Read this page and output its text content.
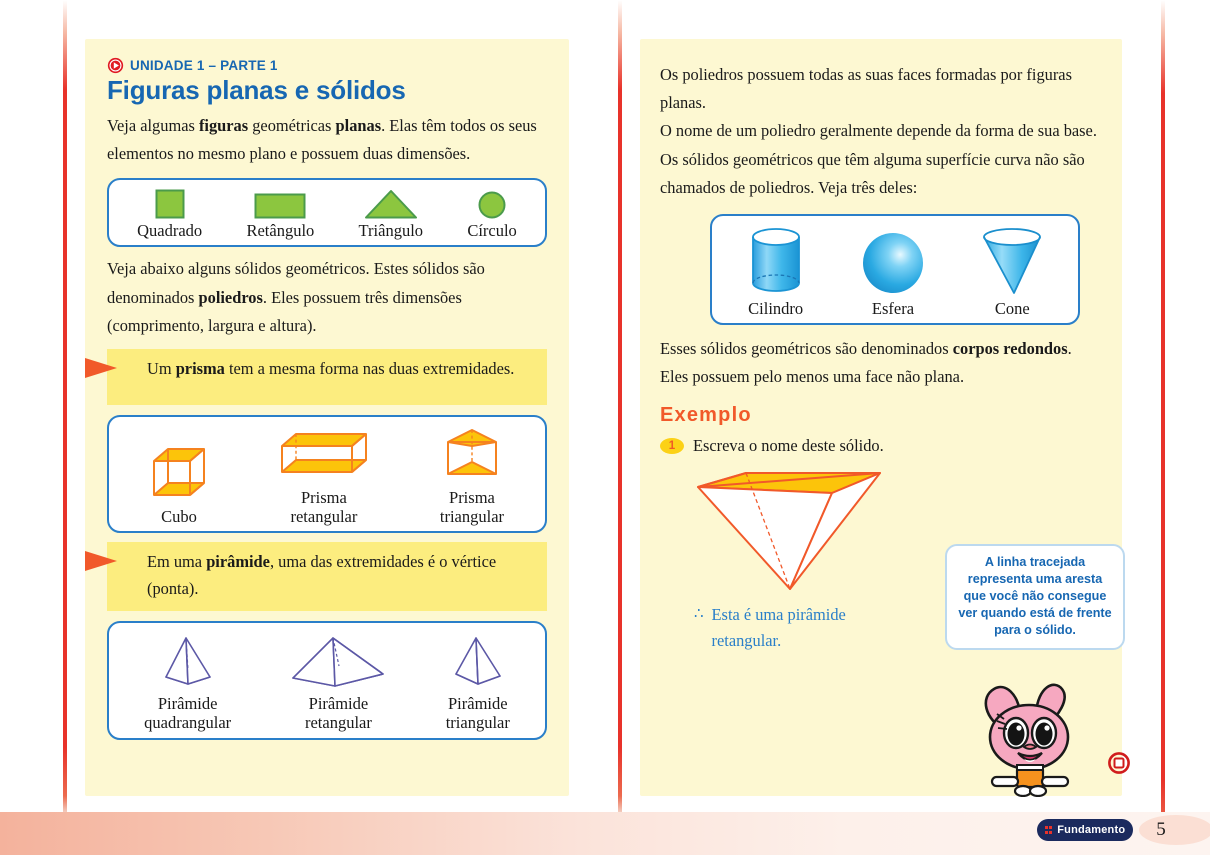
UNIDADE 1 – PARTE 1
Figuras planas e sólidos

Veja algumas figuras geométricas planas. Elas têm todos os seus elementos no mesmo plano e possuem duas dimensões.

Quadrado	Retângulo	Triângulo	Círculo

Veja abaixo alguns sólidos geométricos. Estes sólidos são denominados poliedros. Eles possuem três dimensões (comprimento, largura e altura).

Um prisma tem a mesma forma nas duas extremidades.

Cubo
Prisma
retangular
Prisma
triangular

Em uma pirâmide, uma das extremidades é o vértice (ponta).

Pirâmide
quadrangular
Pirâmide
retangular
Pirâmide
triangular

Os poliedros possuem todas as suas faces formadas por figuras planas.

O nome de um poliedro geralmente depende da forma de sua base.

Os sólidos geométricos que têm alguma superfície curva não são chamados de poliedros. Veja três deles:

Cilindro	Esfera	Cone

Esses sólidos geométricos são denominados corpos redondos. Eles possuem pelo menos uma face não plana.

Exemplo
1	Escreva o nome deste sólido.
∴ Esta é uma pirâmide
retangular.

A linha tracejada representa uma aresta que você não consegue ver quando está de frente para o sólido.

Fundamento 5
